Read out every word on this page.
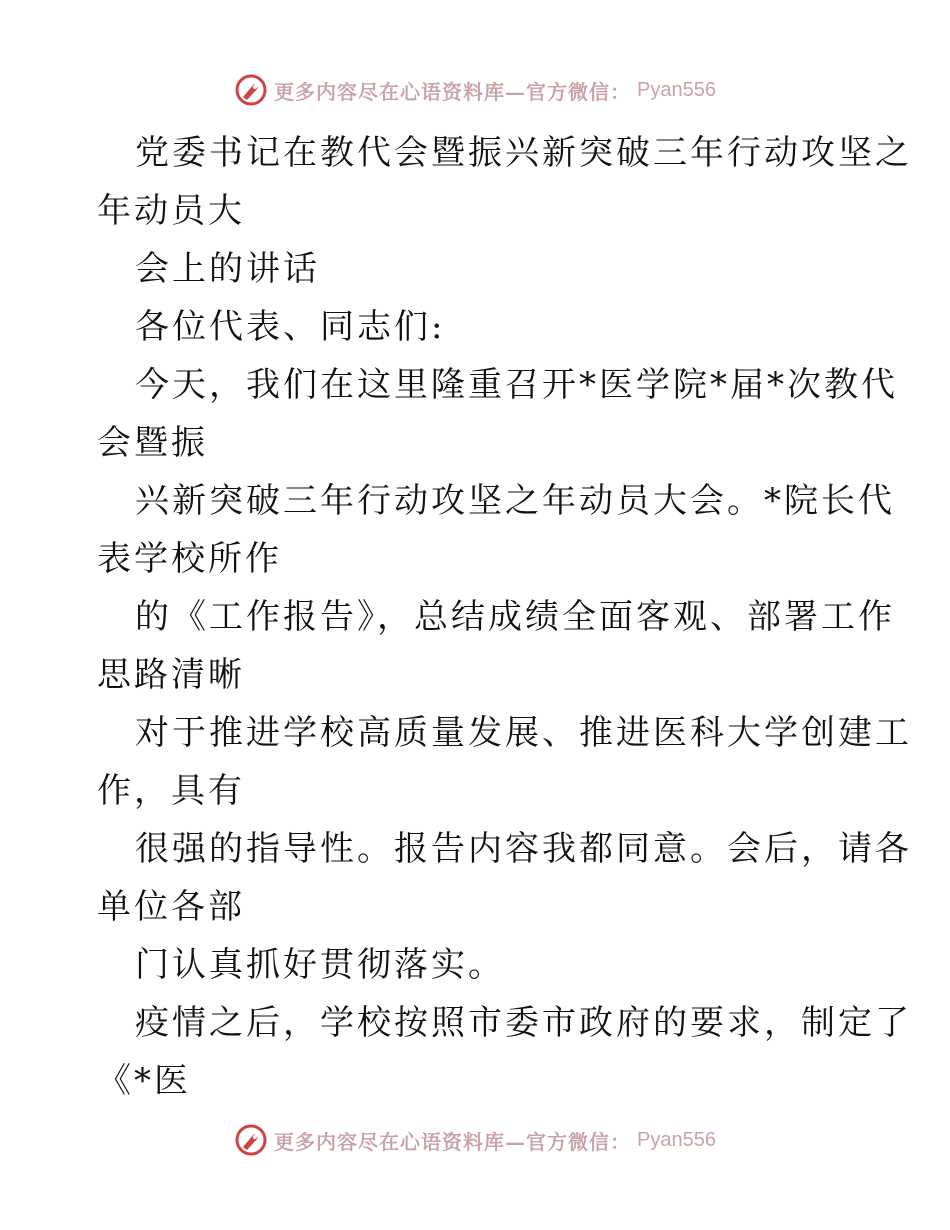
更多内容尽在心语资料库—官方微信： Pyan556
党委书记在教代会暨振兴新突破三年行动攻坚之
年动员大
会上的讲话
各位代表、同志们:
今天，我们在这里隆重召开*医学院*届*次教代
会暨振
兴新突破三年行动攻坚之年动员大会。*院长代
表学校所作
的《工作报告》，总结成绩全面客观、部署工作
思路清晰
对于推进学校高质量发展、推进医科大学创建工
作，具有
很强的指导性。报告内容我都同意。会后，请各
单位各部
门认真抓好贯彻落实。
疫情之后，学校按照市委市政府的要求，制定了
《*医
更多内容尽在心语资料库—官方微信： Pyan556
